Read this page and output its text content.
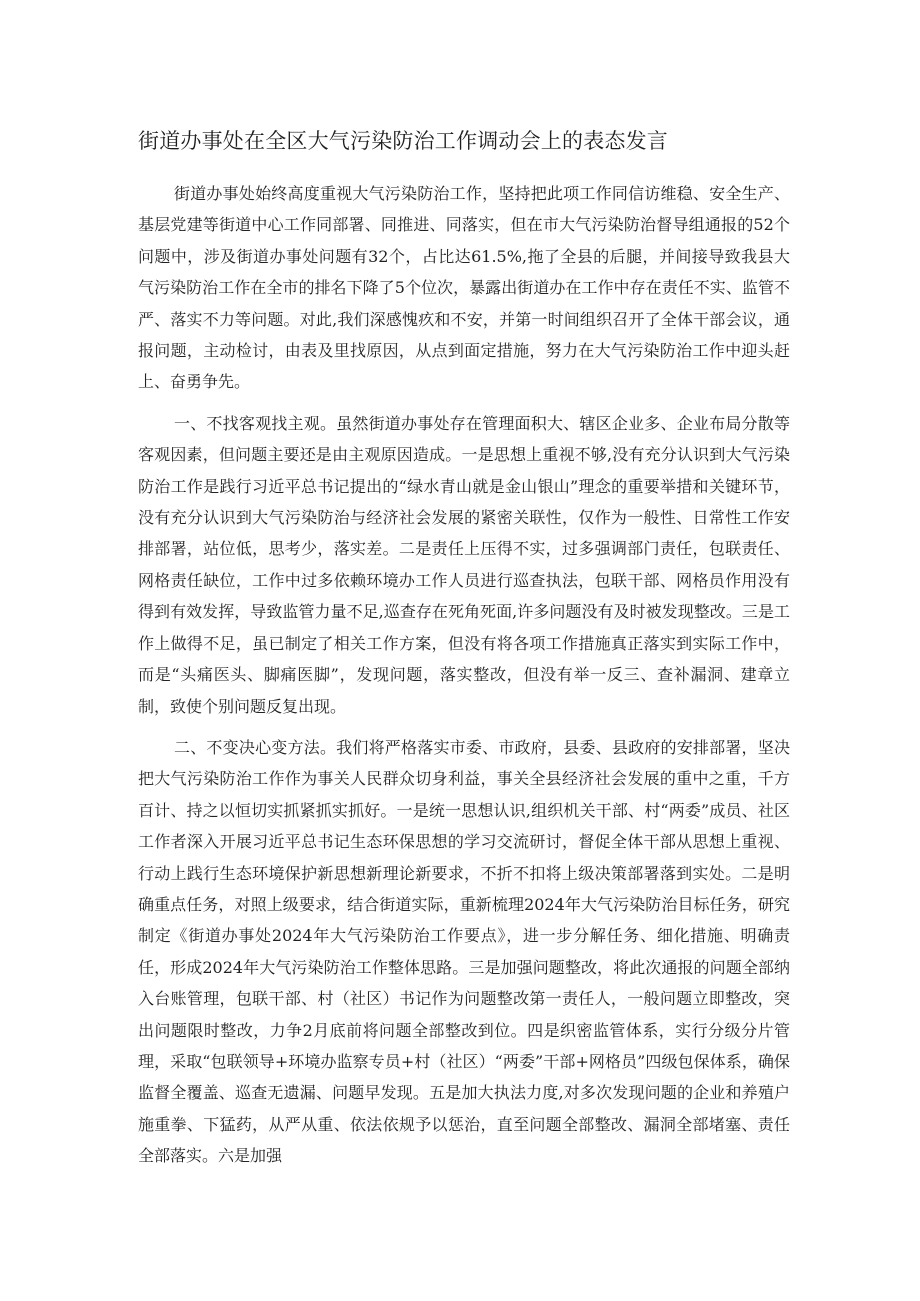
街道办事处在全区大气污染防治工作调动会上的表态发言

街道办事处始终高度重视大气污染防治工作，坚持把此项工作同信访维稳、安全生产、基层党建等街道中心工作同部署、同推进、同落实，但在市大气污染防治督导组通报的52个问题中，涉及街道办事处问题有32个，占比达61.5%,拖了全县的后腿，并间接导致我县大气污染防治工作在全市的排名下降了5个位次，暴露出街道办在工作中存在责任不实、监管不严、落实不力等问题。对此,我们深感愧疚和不安，并第一时间组织召开了全体干部会议，通报问题，主动检讨，由表及里找原因，从点到面定措施，努力在大气污染防治工作中迎头赶上、奋勇争先。

一、不找客观找主观。虽然街道办事处存在管理面积大、辖区企业多、企业布局分散等客观因素，但问题主要还是由主观原因造成。一是思想上重视不够,没有充分认识到大气污染防治工作是践行习近平总书记提出的“绿水青山就是金山银山”理念的重要举措和关键环节，没有充分认识到大气污染防治与经济社会发展的紧密关联性，仅作为一般性、日常性工作安排部署，站位低，思考少，落实差。二是责任上压得不实，过多强调部门责任，包联责任、网格责任缺位，工作中过多依赖环境办工作人员进行巡查执法，包联干部、网格员作用没有得到有效发挥，导致监管力量不足,巡查存在死角死面,许多问题没有及时被发现整改。三是工作上做得不足，虽已制定了相关工作方案，但没有将各项工作措施真正落实到实际工作中，而是“头痛医头、脚痛医脚”，发现问题，落实整改，但没有举一反三、查补漏洞、建章立制，致使个别问题反复出现。

二、不变决心变方法。我们将严格落实市委、市政府，县委、县政府的安排部署，坚决把大气污染防治工作作为事关人民群众切身利益，事关全县经济社会发展的重中之重，千方百计、持之以恒切实抓紧抓实抓好。一是统一思想认识,组织机关干部、村“两委”成员、社区工作者深入开展习近平总书记生态环保思想的学习交流研讨，督促全体干部从思想上重视、行动上践行生态环境保护新思想新理论新要求，不折不扣将上级决策部署落到实处。二是明确重点任务，对照上级要求，结合街道实际，重新梳理2024年大气污染防治目标任务，研究制定《街道办事处2024年大气污染防治工作要点》，进一步分解任务、细化措施、明确责任，形成2024年大气污染防治工作整体思路。三是加强问题整改，将此次通报的问题全部纳入台账管理，包联干部、村（社区）书记作为问题整改第一责任人，一般问题立即整改，突出问题限时整改，力争2月底前将问题全部整改到位。四是织密监管体系，实行分级分片管理，采取“包联领导+环境办监察专员+村（社区）“两委”干部+网格员”四级包保体系，确保监督全覆盖、巡查无遗漏、问题早发现。五是加大执法力度,对多次发现问题的企业和养殖户施重拳、下猛药，从严从重、依法依规予以惩治，直至问题全部整改、漏洞全部堵塞、责任全部落实。六是加强
